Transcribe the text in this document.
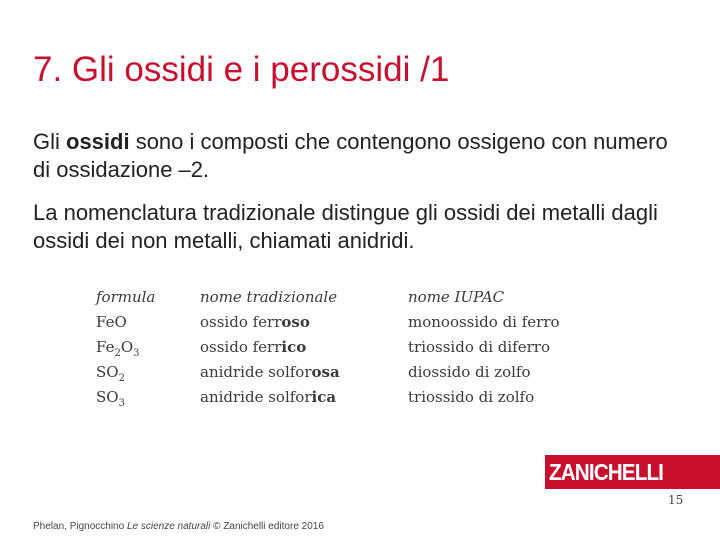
7. Gli ossidi e i perossidi /1
Gli ossidi sono i composti che contengono ossigeno con numero di ossidazione –2.
La nomenclatura tradizionale distingue gli ossidi dei metalli dagli ossidi dei non metalli, chiamati anidridi.
formula	nome tradizionale	nome IUPAC
FeO	ossido ferroso	monoossido di ferro
$Fe_2O_3$	ossido ferrico	triossido di diferro
$SO_2$	anidride solforosa	diossido di zolfo
$SO_3$	anidride solforica	triossido di zolfo
ZANICHELLI
15
Phelan, Pignocchino Le scienze naturali © Zanichelli editore 2016
